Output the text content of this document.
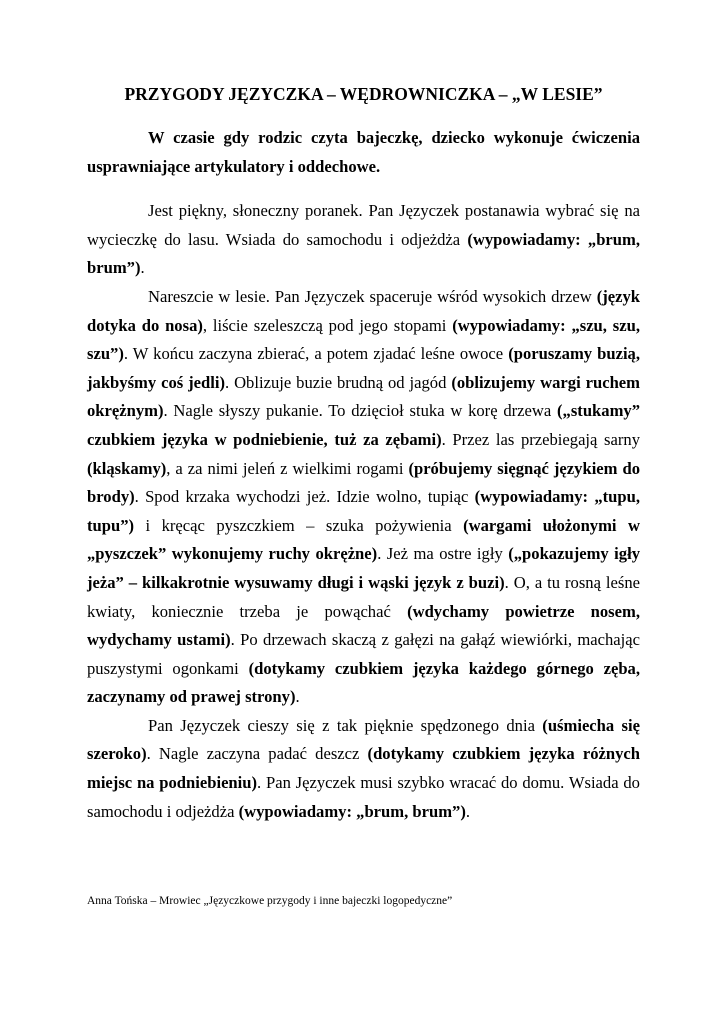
PRZYGODY JĘZYCZKA – WĘDROWNICZKA – „W LESIE”

W czasie gdy rodzic czyta bajeczkę, dziecko wykonuje ćwiczenia usprawniające artykulatory i oddechowe.

Jest piękny, słoneczny poranek. Pan Języczek postanawia wybrać się na wycieczkę do lasu. Wsiada do samochodu i odjeżdża (wypowiadamy: „brum, brum”).

Nareszcie w lesie. Pan Języczek spaceruje wśród wysokich drzew (język dotyka do nosa), liście szeleszczą pod jego stopami (wypowiadamy: „szu, szu, szu”). W końcu zaczyna zbierać, a potem zjadać leśne owoce (poruszamy buzią, jakbyśmy coś jedli). Oblizuje buzie brudną od jagód (oblizujemy wargi ruchem okrężnym). Nagle słyszy pukanie. To dzięcioł stuka w korę drzewa („stukamy” czubkiem języka w podniebienie, tuż za zębami). Przez las przebiegają sarny (kląskamy), a za nimi jeleń z wielkimi rogami (próbujemy sięgnąć językiem do brody). Spod krzaka wychodzi jeż. Idzie wolno, tupiąc (wypowiadamy: „tupu, tupu”) i kręcąc pyszczkiem – szuka pożywienia (wargami ułożonymi w „pyszczek” wykonujemy ruchy okrężne). Jeż ma ostre igły („pokazujemy igły jeża” – kilkakrotnie wysuwamy długi i wąski język z buzi). O, a tu rosną leśne kwiaty, koniecznie trzeba je powąchać (wdychamy powietrze nosem, wydychamy ustami). Po drzewach skaczą z gałęzi na gałąź wiewiórki, machając puszystymi ogonkami (dotykamy czubkiem języka każdego górnego zęba, zaczynamy od prawej strony).

Pan Języczek cieszy się z tak pięknie spędzonego dnia (uśmiecha się szeroko). Nagle zaczyna padać deszcz (dotykamy czubkiem języka różnych miejsc na podniebieniu). Pan Języczek musi szybko wracać do domu. Wsiada do samochodu i odjeżdża (wypowiadamy: „brum, brum”).

Anna Tońska – Mrowiec „Języczkowe przygody i inne bajeczki logopedyczne”
